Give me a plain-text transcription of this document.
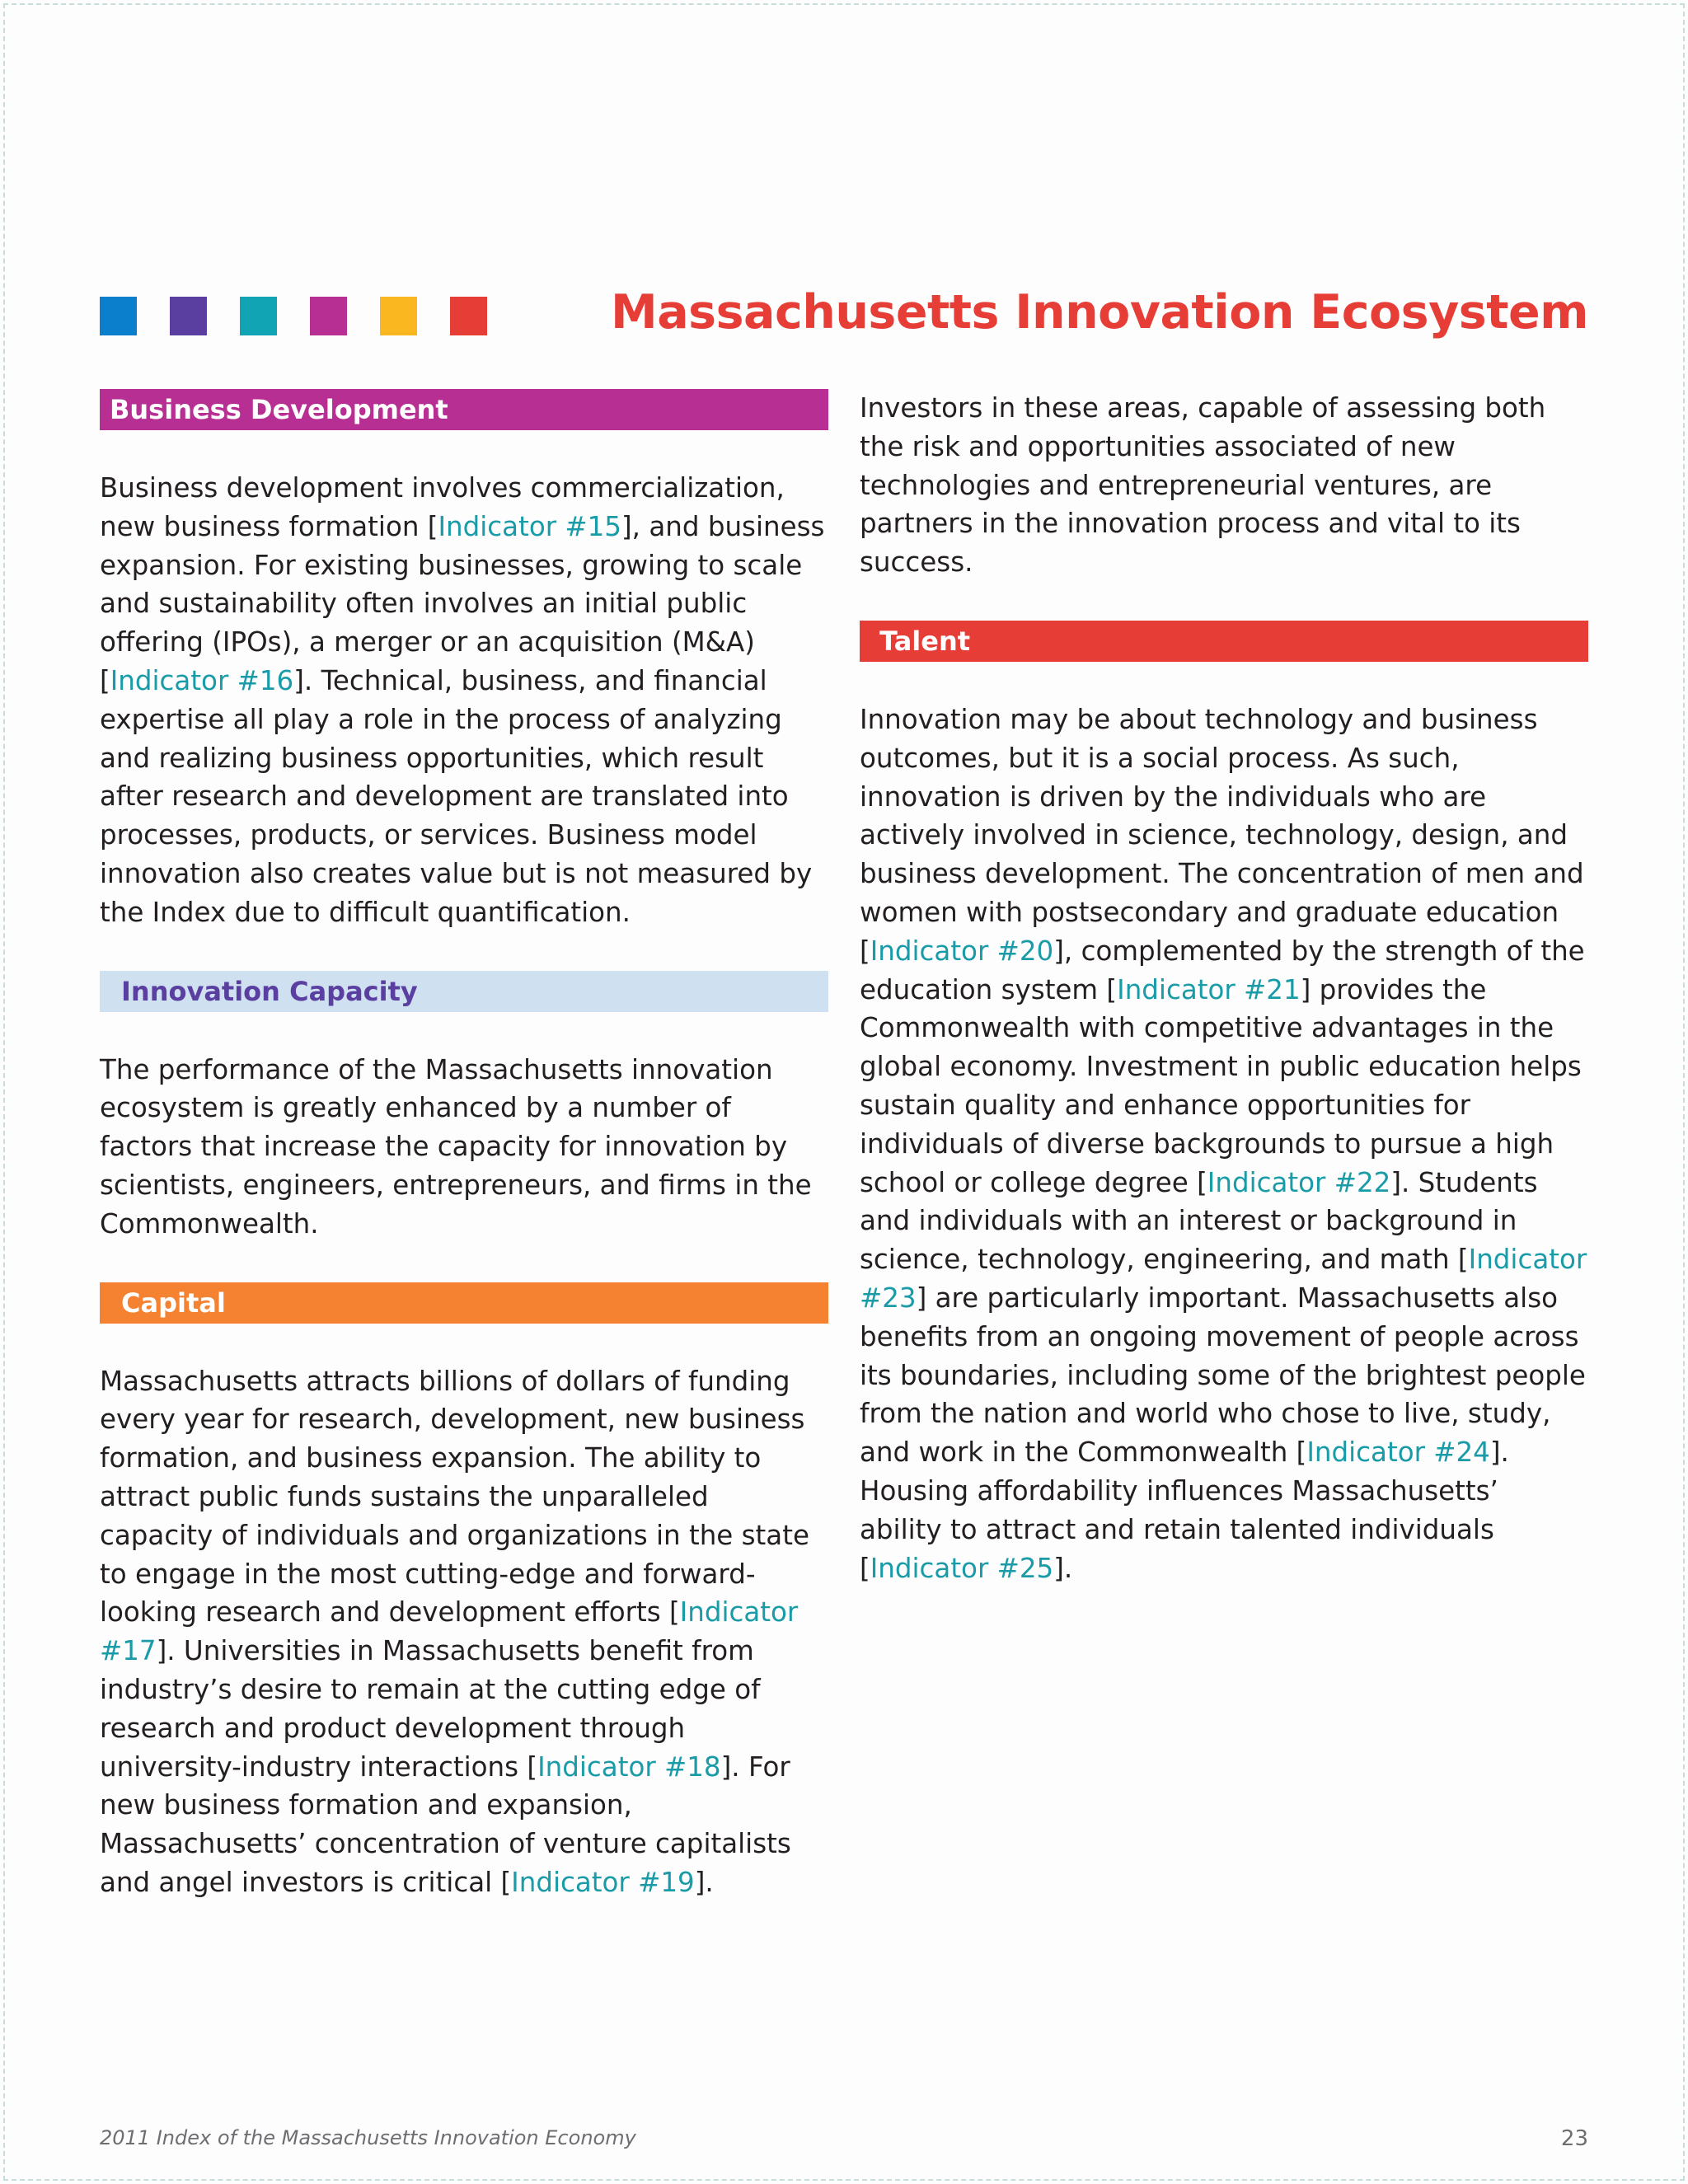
Massachusetts Innovation Ecosystem
Business Development

Business development involves commercialization, new business formation [Indicator #15], and business expansion. For existing businesses, growing to scale and sustainability often involves an initial public offering (IPOs), a merger or an acquisition (M&A) [Indicator #16]. Technical, business, and financial expertise all play a role in the process of analyzing and realizing business opportunities, which result after research and development are translated into processes, products, or services. Business model innovation also creates value but is not measured by the Index due to difficult quantification.

Innovation Capacity

The performance of the Massachusetts innovation ecosystem is greatly enhanced by a number of factors that increase the capacity for innovation by scientists, engineers, entrepreneurs, and firms in the Commonwealth.

Capital

Massachusetts attracts billions of dollars of funding every year for research, development, new business formation, and business expansion. The ability to attract public funds sustains the unparalleled capacity of individuals and organizations in the state to engage in the most cutting-edge and forward-looking research and development efforts [Indicator #17]. Universities in Massachusetts benefit from industry’s desire to remain at the cutting edge of research and product development through university-industry interactions [Indicator #18]. For new business formation and expansion, Massachusetts’ concentration of venture capitalists and angel investors is critical [Indicator #19].

Investors in these areas, capable of assessing both the risk and opportunities associated of new technologies and entrepreneurial ventures, are partners in the innovation process and vital to its success.

Talent

Innovation may be about technology and business outcomes, but it is a social process. As such, innovation is driven by the individuals who are actively involved in science, technology, design, and business development. The concentration of men and women with postsecondary and graduate education [Indicator #20], complemented by the strength of the education system [Indicator #21] provides the Commonwealth with competitive advantages in the global economy. Investment in public education helps sustain quality and enhance opportunities for individuals of diverse backgrounds to pursue a high school or college degree [Indicator #22]. Students and individuals with an interest or background in science, technology, engineering, and math [Indicator #23] are particularly important. Massachusetts also benefits from an ongoing movement of people across its boundaries, including some of the brightest people from the nation and world who chose to live, study, and work in the Commonwealth [Indicator #24]. Housing affordability influences Massachusetts’ ability to attract and retain talented individuals [Indicator #25].

2011 Index of the Massachusetts Innovation Economy	23
